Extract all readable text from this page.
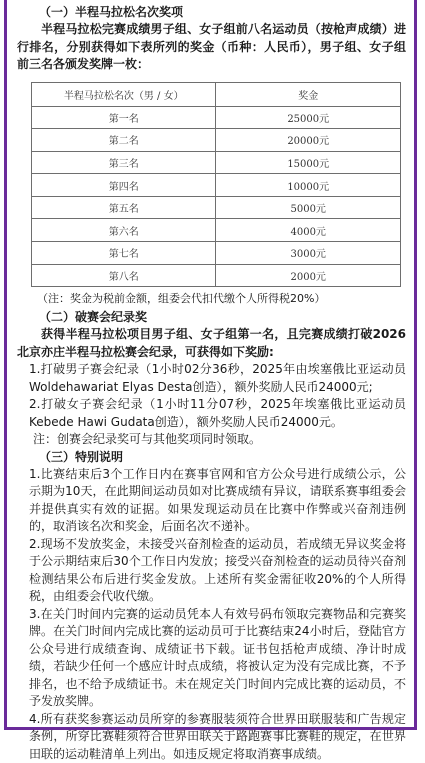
（一）半程马拉松名次奖项

半程马拉松完赛成绩男子组、女子组前八名运动员（按枪声成绩）进行排名，分别获得如下表所列的奖金（币种：人民币），男子组、女子组前三名各颁发奖牌一枚：

半程马拉松名次（男 / 女）	奖金
第一名	25000元
第二名	20000元
第三名	15000元
第四名	10000元
第五名	5000元
第六名	4000元
第七名	3000元
第八名	2000元

（注：奖金为税前金额，组委会代扣代缴个人所得税20%）

（二）破赛会纪录奖

获得半程马拉松项目男子组、女子组第一名，且完赛成绩打破2026北京亦庄半程马拉松赛会纪录，可获得如下奖励:

1.打破男子赛会纪录（1小时02分36秒，2025年由埃塞俄比亚运动员Woldehawariat Elyas Desta创造），额外奖励人民币24000元;

2.打破女子赛会纪录（1小时11分07秒，2025年埃塞俄比亚运动员Kebede Hawi Gudata创造），额外奖励人民币24000元。

注：创赛会纪录奖可与其他奖项同时领取。

（三）特别说明

1.比赛结束后3个工作日内在赛事官网和官方公众号进行成绩公示，公示期为10天，在此期间运动员如对比赛成绩有异议，请联系赛事组委会并提供真实有效的证据。如果发现运动员在比赛中作弊或兴奋剂违例的，取消该名次和奖金，后面名次不递补。

2.现场不发放奖金，未接受兴奋剂检查的运动员，若成绩无异议奖金将于公示期结束后30个工作日内发放；接受兴奋剂检查的运动员待兴奋剂检测结果公布后进行奖金发放。上述所有奖金需征收20%的个人所得税，由组委会代收代缴。

3.在关门时间内完赛的运动员凭本人有效号码布领取完赛物品和完赛奖牌。在关门时间内完成比赛的运动员可于比赛结束24小时后，登陆官方公众号进行成绩查询、成绩证书下载。证书包括枪声成绩、净计时成绩，若缺少任何一个感应计时点成绩，将被认定为没有完成比赛，不予排名，也不给予成绩证书。未在规定关门时间内完成比赛的运动员，不予发放奖牌。

4.所有获奖参赛运动员所穿的参赛服装须符合世界田联服装和广告规定条例，所穿比赛鞋须符合世界田联关于路跑赛事比赛鞋的规定，在世界田联的运动鞋清单上列出。如违反规定将取消赛事成绩。
